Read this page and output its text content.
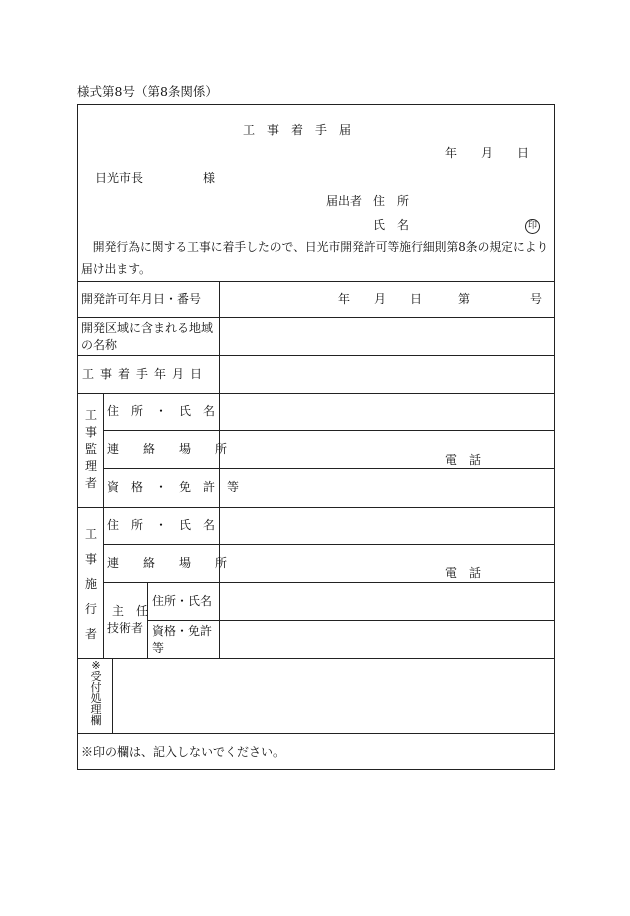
様式第8号（第8条関係）
工　事　着　手　届
年　　月　　日
日光市長　　　　　様
届出者 住　所
氏　名	印
　開発行為に関する工事に着手したので、日光市開発許可等施行細則第8条の規定により
届け出ます。
開発許可年月日・番号	年　　月　　日　　　第　　　　　号
開発区域に含まれる地域
の名称
工事着手年月日
工
事
監
理
者
住　所　・　氏　名
連　　絡　　場　　所
電　話
資　格　・　免　許　等
工
事
施
行
者
住　所　・　氏　名
連　　絡　　場　　所
電　話
主　任
技術者
住所・氏名
資格・免許
等
※
受
付
処
理
欄
※印の欄は、記入しないでください。
